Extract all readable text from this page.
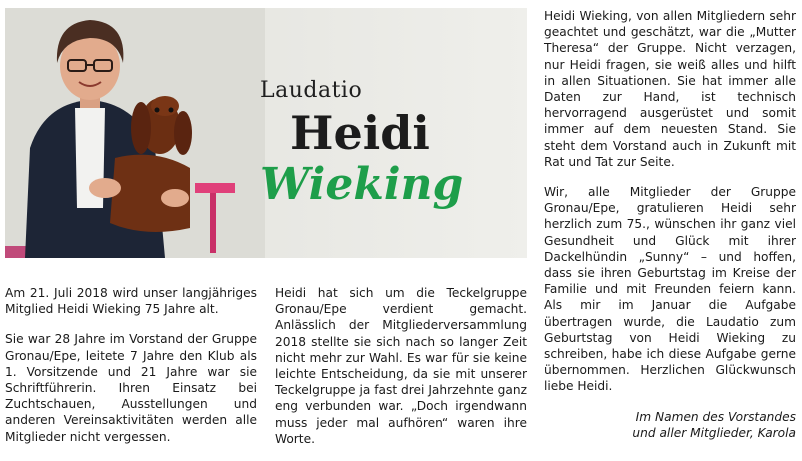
Laudatio
Heidi
Wieking

Am 21. Juli 2018 wird unser langjähriges Mitglied Heidi Wieking 75 Jahre alt.

Sie war 28 Jahre im Vorstand der Gruppe Gronau/Epe, leitete 7 Jahre den Klub als 1. Vorsitzende und 21 Jahre war sie Schriftführerin. Ihren Einsatz bei Zuchtschauen, Ausstellungen und anderen Vereinsaktivitäten werden alle Mitglieder nicht vergessen.

Heidi hat sich um die Teckelgruppe Gronau/Epe verdient gemacht. Anlässlich der Mitgliederversammlung 2018 stellte sie sich nach so langer Zeit nicht mehr zur Wahl. Es war für sie keine leichte Entscheidung, da sie mit unserer Teckelgruppe ja fast drei Jahrzehnte ganz eng verbunden war. „Doch irgendwann muss jeder mal aufhören“ waren ihre Worte.

Heidi Wieking, von allen Mitgliedern sehr geachtet und geschätzt, war die „Mutter Theresa“ der Gruppe. Nicht verzagen, nur Heidi fragen, sie weiß alles und hilft in allen Situationen. Sie hat immer alle Daten zur Hand, ist technisch hervorragend ausgerüstet und somit immer auf dem neuesten Stand. Sie steht dem Vorstand auch in Zukunft mit Rat und Tat zur Seite.

Wir, alle Mitglieder der Gruppe Gronau/Epe, gratulieren Heidi sehr herzlich zum 75., wünschen ihr ganz viel Gesundheit und Glück mit ihrer Dackelhündin „Sunny“ – und hoffen, dass sie ihren Geburtstag im Kreise der Familie und mit Freunden feiern kann. Als mir im Januar die Aufgabe übertragen wurde, die Laudatio zum Geburtstag von Heidi Wieking zu schreiben, habe ich diese Aufgabe gerne übernommen. Herzlichen Glückwunsch liebe Heidi.

Im Namen des Vorstandes
und aller Mitglieder, Karola
